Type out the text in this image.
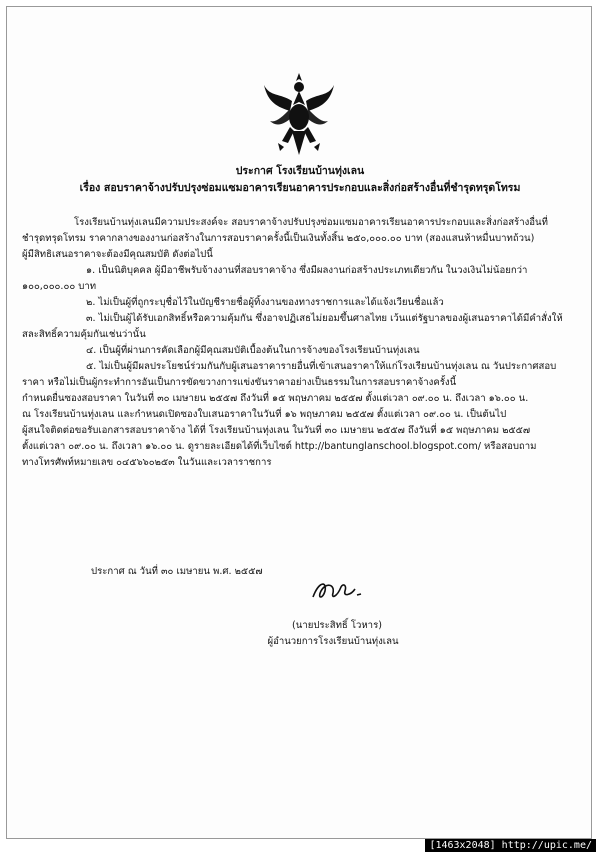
ประกาศ โรงเรียนบ้านทุ่งเลน
เรื่อง สอบราคาจ้างปรับปรุงซ่อมแซมอาคารเรียนอาคารประกอบและสิ่งก่อสร้างอื่นที่ชำรุดทรุดโทรม
โรงเรียนบ้านทุ่งเลนมีความประสงค์จะ สอบราคาจ้างปรับปรุงซ่อมแซมอาคารเรียนอาคารประกอบและสิ่งก่อสร้างอื่นที่
ชำรุดทรุดโทรม ราคากลางของงานก่อสร้างในการสอบราคาครั้งนี้เป็นเงินทั้งสิ้น ๒๕๐,๐๐๐.๐๐ บาท (สองแสนห้าหมื่นบาทถ้วน)
ผู้มีสิทธิเสนอราคาจะต้องมีคุณสมบัติ ดังต่อไปนี้
๑. เป็นนิติบุคคล ผู้มีอาชีพรับจ้างงานที่สอบราคาจ้าง ซึ่งมีผลงานก่อสร้างประเภทเดียวกัน ในวงเงินไม่น้อยกว่า
๑๐๐,๐๐๐.๐๐ บาท
๒. ไม่เป็นผู้ที่ถูกระบุชื่อไว้ในบัญชีรายชื่อผู้ทิ้งงานของทางราชการและได้แจ้งเวียนชื่อแล้ว
๓. ไม่เป็นผู้ได้รับเอกสิทธิ์หรือความคุ้มกัน ซึ่งอาจปฏิเสธไม่ยอมขึ้นศาลไทย เว้นแต่รัฐบาลของผู้เสนอราคาได้มีคำสั่งให้
สละสิทธิ์ความคุ้มกันเช่นว่านั้น
๔. เป็นผู้ที่ผ่านการคัดเลือกผู้มีคุณสมบัติเบื้องต้นในการจ้างของโรงเรียนบ้านทุ่งเลน
๕. ไม่เป็นผู้มีผลประโยชน์ร่วมกันกับผู้เสนอราคารายอื่นที่เข้าเสนอราคาให้แก่โรงเรียนบ้านทุ่งเลน ณ วันประกาศสอบ
ราคา หรือไม่เป็นผู้กระทำการอันเป็นการขัดขวางการแข่งขันราคาอย่างเป็นธรรมในการสอบราคาจ้างครั้งนี้
กำหนดยื่นซองสอบราคา ในวันที่ ๓๐ เมษายน ๒๕๕๗ ถึงวันที่ ๑๕ พฤษภาคม ๒๕๕๗ ตั้งแต่เวลา ๐๙.๐๐ น. ถึงเวลา ๑๖.๐๐ น.
ณ โรงเรียนบ้านทุ่งเลน และกำหนดเปิดซองใบเสนอราคาในวันที่ ๑๖ พฤษภาคม ๒๕๕๗ ตั้งแต่เวลา ๐๙.๐๐ น. เป็นต้นไป
ผู้สนใจติดต่อขอรับเอกสารสอบราคาจ้าง ได้ที่ โรงเรียนบ้านทุ่งเลน ในวันที่ ๓๐ เมษายน ๒๕๕๗ ถึงวันที่ ๑๕ พฤษภาคม ๒๕๕๗
ตั้งแต่เวลา ๐๙.๐๐ น. ถึงเวลา ๑๖.๐๐ น. ดูรายละเอียดได้ที่เว็บไซต์ http://bantunglanschool.blogspot.com/ หรือสอบถาม
ทางโทรศัพท์หมายเลข ๐๔๕๖๖๐๒๕๓ ในวันและเวลาราชการ
ประกาศ ณ วันที่ ๓๐ เมษายน พ.ศ. ๒๕๕๗
(นายประสิทธิ์ โวหาร)
ผู้อำนวยการโรงเรียนบ้านทุ่งเลน
[1463x2048] http://upic.me/
